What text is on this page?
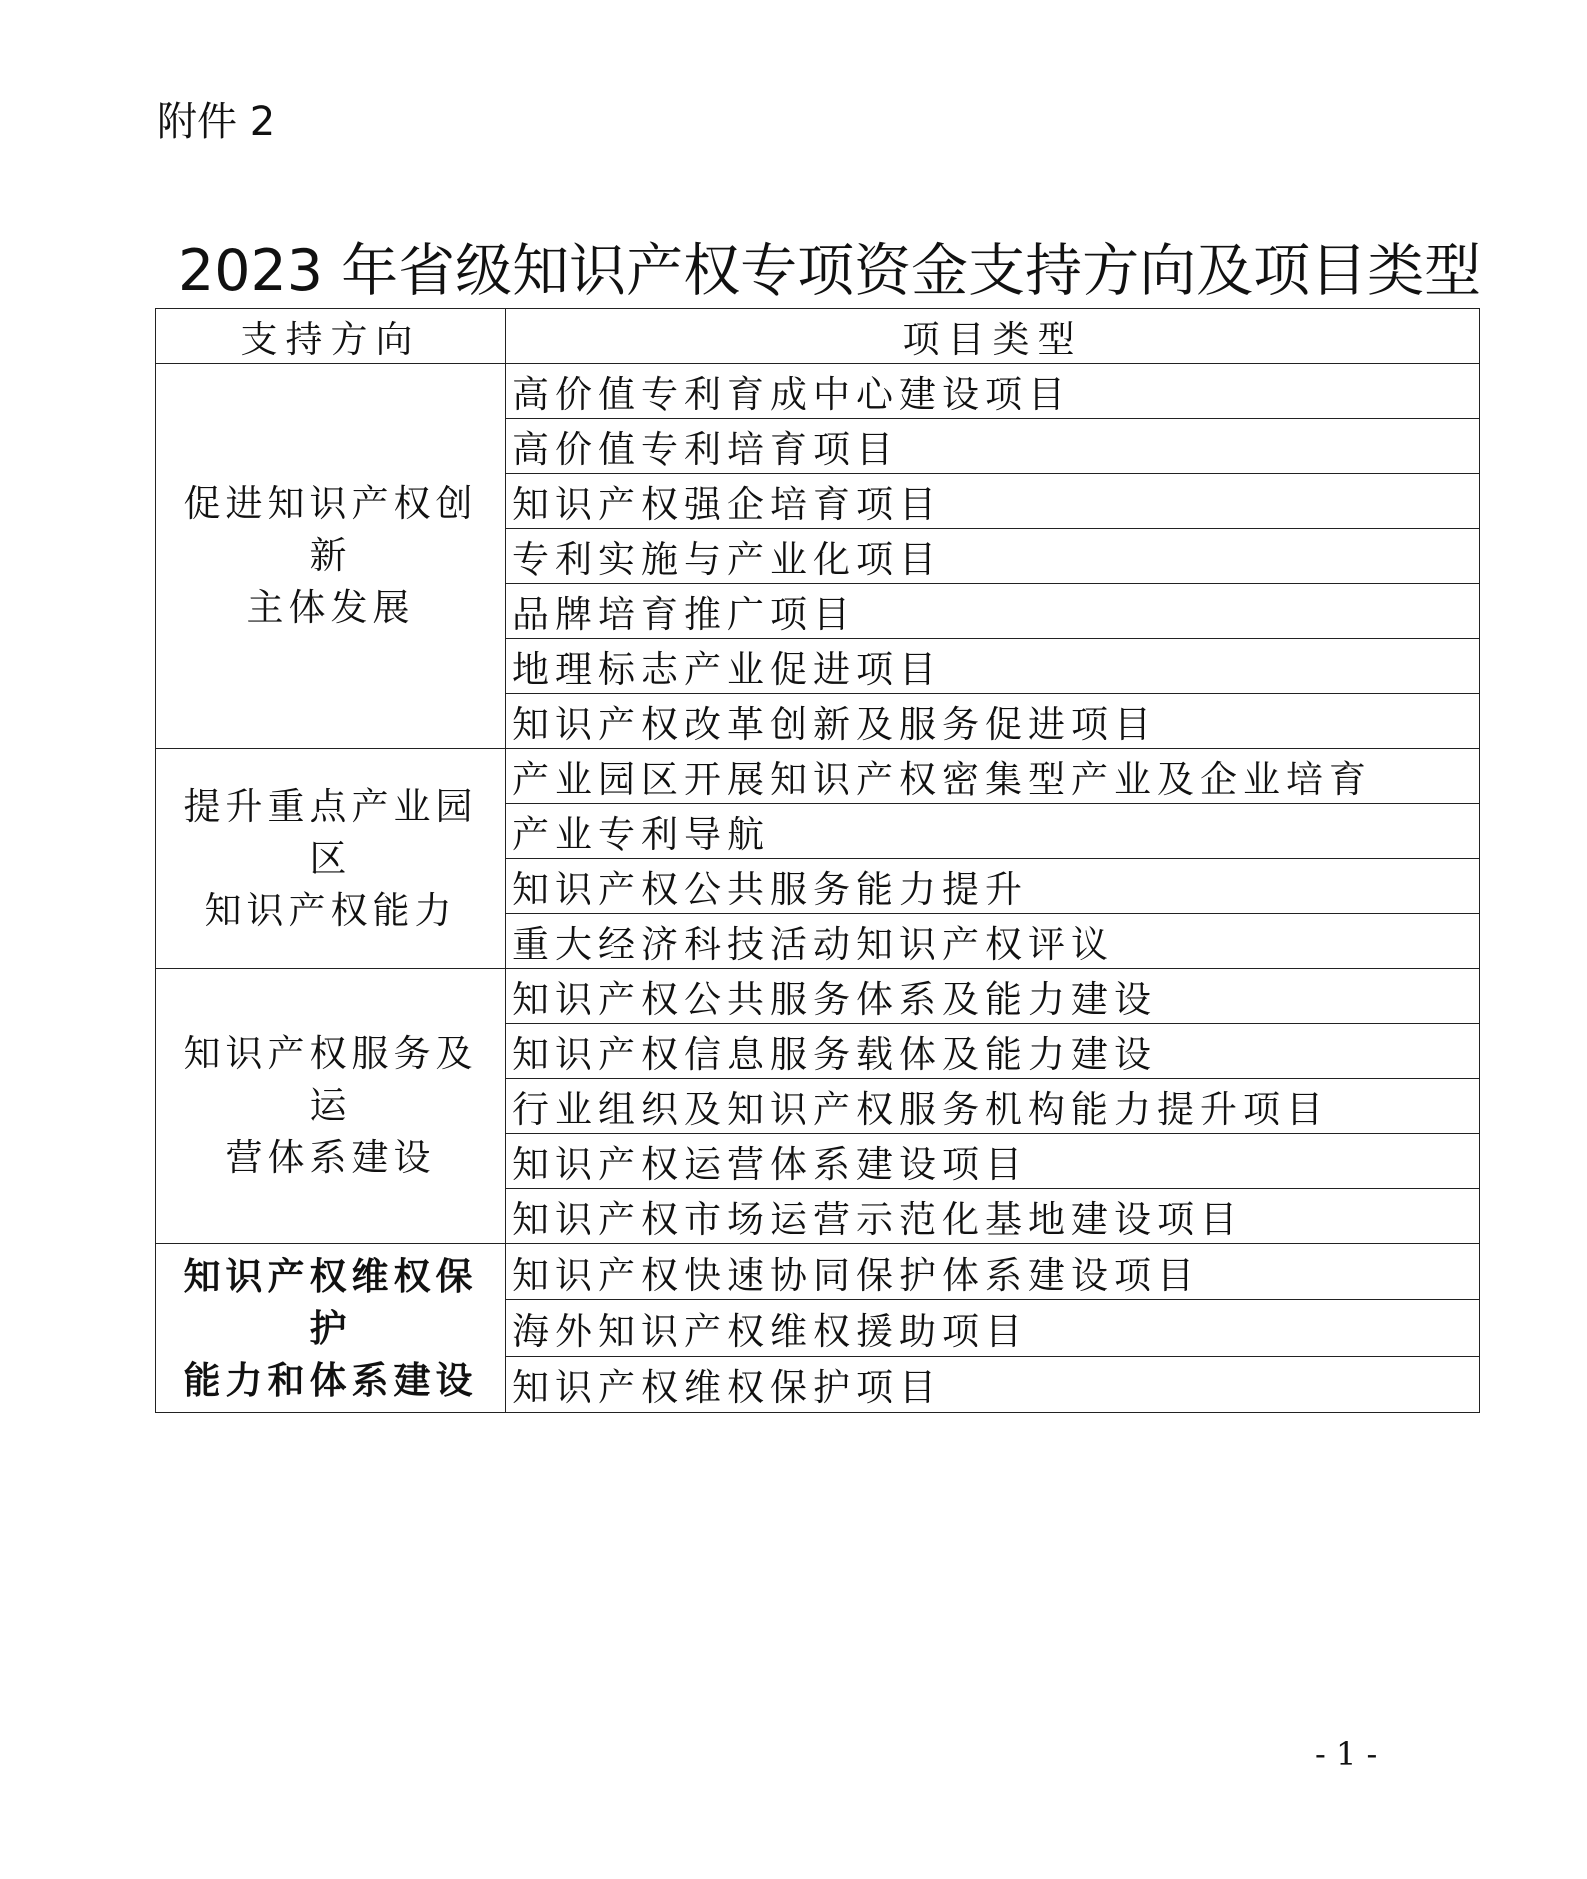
附件 2
2023 年省级知识产权专项资金支持方向及项目类型
支持方向	项目类型

促进知识产权创新
主体发展	高价值专利育成中心建设项目
	高价值专利培育项目
	知识产权强企培育项目
	专利实施与产业化项目
	品牌培育推广项目
	地理标志产业促进项目
	知识产权改革创新及服务促进项目

提升重点产业园区
知识产权能力	产业园区开展知识产权密集型产业及企业培育
	产业专利导航
	知识产权公共服务能力提升
	重大经济科技活动知识产权评议

知识产权服务及运
营体系建设	知识产权公共服务体系及能力建设
	知识产权信息服务载体及能力建设
	行业组织及知识产权服务机构能力提升项目
	知识产权运营体系建设项目
	知识产权市场运营示范化基地建设项目

知识产权维权保护
能力和体系建设	知识产权快速协同保护体系建设项目
	海外知识产权维权援助项目
	知识产权维权保护项目
- 1 -
